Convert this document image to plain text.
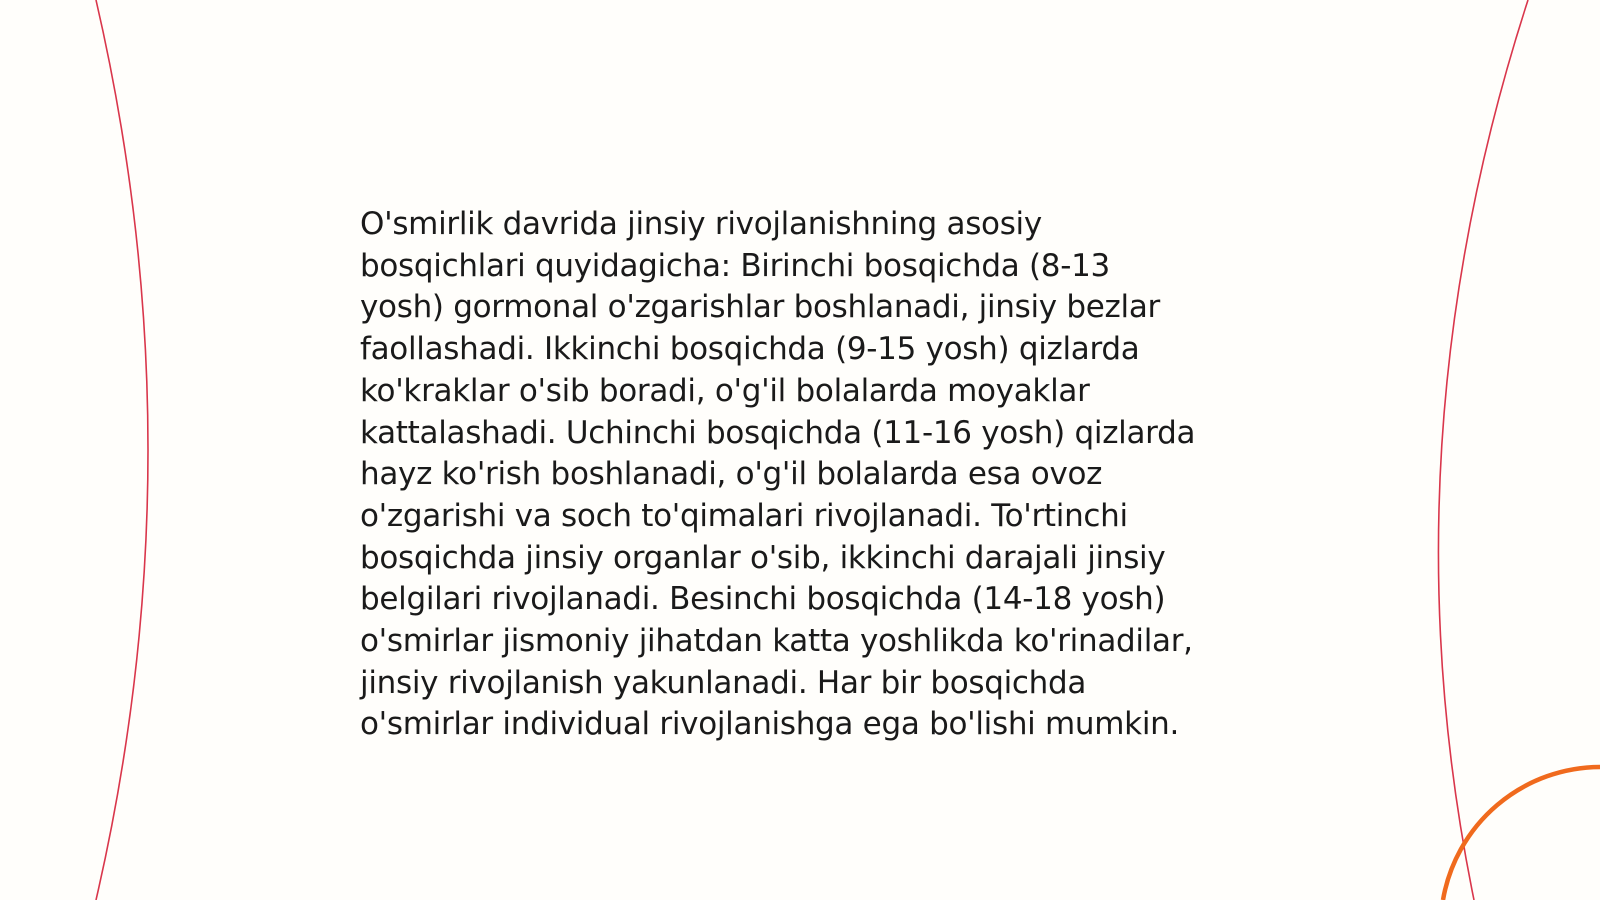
O'smirlik davrida jinsiy rivojlanishning asosiy
bosqichlari quyidagicha: Birinchi bosqichda (8-13
yosh) gormonal o'zgarishlar boshlanadi, jinsiy bezlar
faollashadi. Ikkinchi bosqichda (9-15 yosh) qizlarda
ko'kraklar o'sib boradi, o'g'il bolalarda moyaklar
kattalashadi. Uchinchi bosqichda (11-16 yosh) qizlarda
hayz ko'rish boshlanadi, o'g'il bolalarda esa ovoz
o'zgarishi va soch to'qimalari rivojlanadi. To'rtinchi
bosqichda jinsiy organlar o'sib, ikkinchi darajali jinsiy
belgilari rivojlanadi. Besinchi bosqichda (14-18 yosh)
o'smirlar jismoniy jihatdan katta yoshlikda ko'rinadilar,
jinsiy rivojlanish yakunlanadi. Har bir bosqichda
o'smirlar individual rivojlanishga ega bo'lishi mumkin.
